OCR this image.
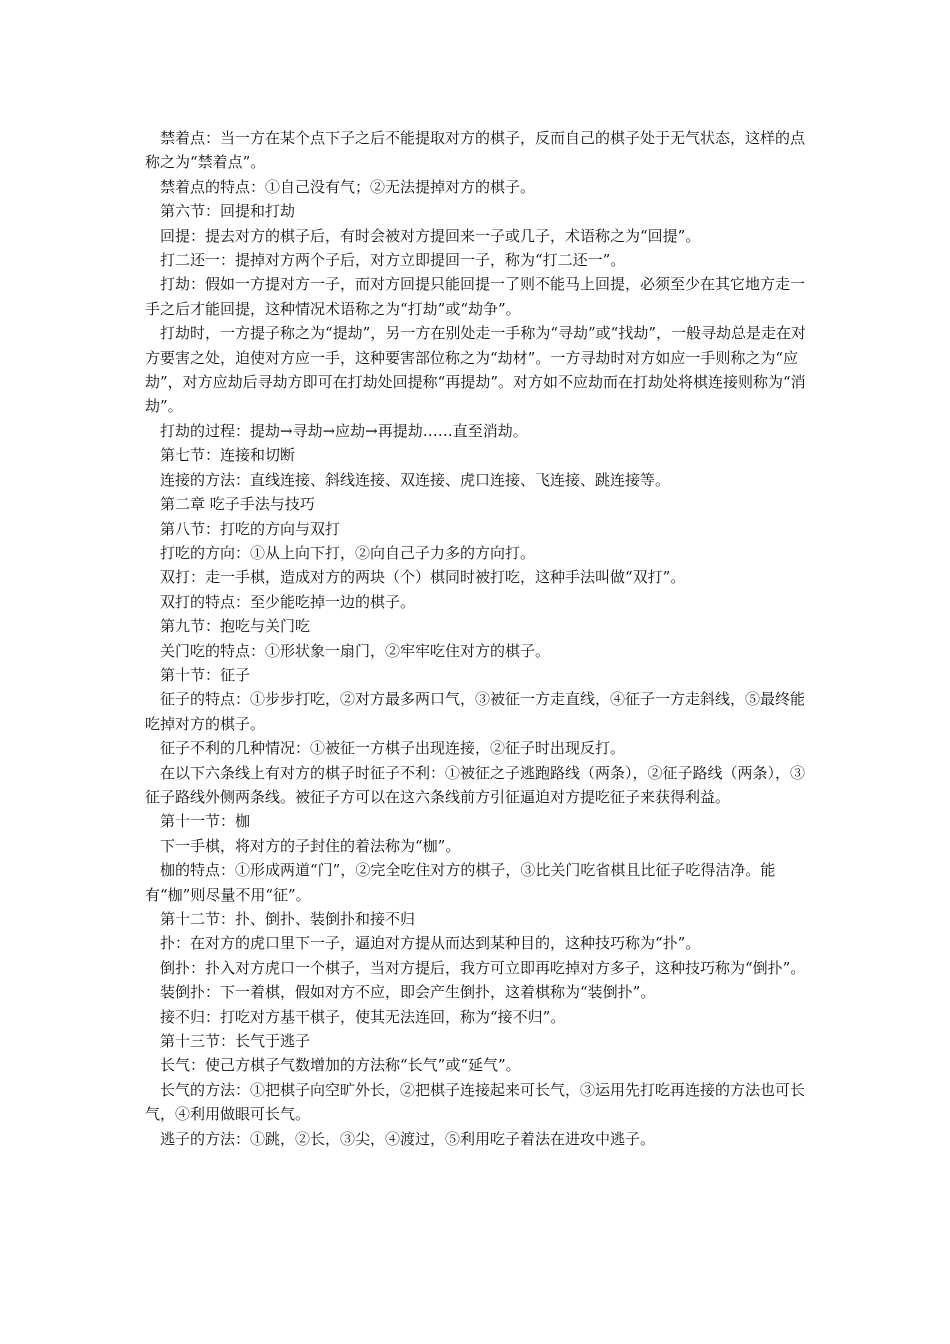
禁着点：当一方在某个点下子之后不能提取对方的棋子，反而自己的棋子处于无气状态，这样的点称之为“禁着点”。

禁着点的特点：①自己没有气；②无法提掉对方的棋子。

第六节：回提和打劫

回提：提去对方的棋子后，有时会被对方提回来一子或几子，术语称之为“回提”。

打二还一：提掉对方两个子后，对方立即提回一子，称为“打二还一”。

打劫：假如一方提对方一子，而对方回提只能回提一了则不能马上回提，必须至少在其它地方走一手之后才能回提，这种情况术语称之为“打劫”或“劫争”。

打劫时，一方提子称之为“提劫”，另一方在别处走一手称为“寻劫”或“找劫”，一般寻劫总是走在对方要害之处，迫使对方应一手，这种要害部位称之为“劫材”。一方寻劫时对方如应一手则称之为“应劫”，对方应劫后寻劫方即可在打劫处回提称“再提劫”。对方如不应劫而在打劫处将棋连接则称为“消劫”。

打劫的过程：提劫→寻劫→应劫→再提劫……直至消劫。

第七节：连接和切断

连接的方法：直线连接、斜线连接、双连接、虎口连接、飞连接、跳连接等。

第二章 吃子手法与技巧

第八节：打吃的方向与双打

打吃的方向：①从上向下打，②向自己子力多的方向打。

双打：走一手棋，造成对方的两块（个）棋同时被打吃，这种手法叫做“双打”。

双打的特点：至少能吃掉一边的棋子。

第九节：抱吃与关门吃

关门吃的特点：①形状象一扇门，②牢牢吃住对方的棋子。

第十节：征子

征子的特点：①步步打吃，②对方最多两口气，③被征一方走直线，④征子一方走斜线，⑤最终能吃掉对方的棋子。

征子不利的几种情况：①被征一方棋子出现连接，②征子时出现反打。

在以下六条线上有对方的棋子时征子不利：①被征之子逃跑路线（两条），②征子路线（两条），③征子路线外侧两条线。被征子方可以在这六条线前方引征逼迫对方提吃征子来获得利益。

第十一节：枷

下一手棋，将对方的子封住的着法称为“枷”。

枷的特点：①形成两道“门”，②完全吃住对方的棋子，③比关门吃省棋且比征子吃得洁净。能有“枷”则尽量不用“征”。

第十二节：扑、倒扑、装倒扑和接不归

扑：在对方的虎口里下一子，逼迫对方提从而达到某种目的，这种技巧称为“扑”。

倒扑：扑入对方虎口一个棋子，当对方提后，我方可立即再吃掉对方多子，这种技巧称为“倒扑”。

装倒扑：下一着棋，假如对方不应，即会产生倒扑，这着棋称为“装倒扑”。

接不归：打吃对方基干棋子，使其无法连回，称为“接不归”。

第十三节：长气于逃子

长气：使己方棋子气数增加的方法称“长气”或“延气”。

长气的方法：①把棋子向空旷外长，②把棋子连接起来可长气，③运用先打吃再连接的方法也可长气，④利用做眼可长气。

逃子的方法：①跳，②长，③尖，④渡过，⑤利用吃子着法在进攻中逃子。
